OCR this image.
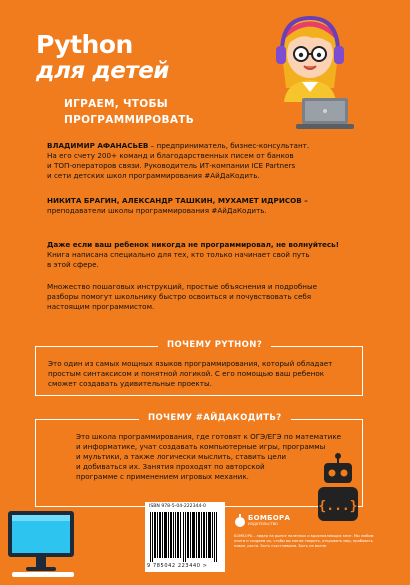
Python
для детей
ИГРАЕМ, ЧТОБЫ
ПРОГРАММИРОВАТЬ
ВЛАДИМИР АФАНАСЬЕВ – предприниматель, бизнес-консультант.
На его счету 200+ команд и благодарственных писем от банков
и ТОП-операторов связи. Руководитель ИТ-компании ICE Partners
и сети детских школ программирования #АйДаКодить.
НИКИТА БРАГИН, АЛЕКСАНДР ТАШКИН, МУХАМЕТ ИДРИСОВ –
преподаватели школы программирования #АйДаКодить.
Даже если ваш ребенок никогда не программировал, не волнуйтесь!
Книга написана специально для тех, кто только начинает свой путь
в этой сфере.
Множество пошаговых инструкций, простые объяснения и подробные
разборы помогут школьнику быстро освоиться и почувствовать себя
настоящим программистом.
ПОЧЕМУ PYTHON?
Это один из самых мощных языков программирования, который обладает
простым синтаксисом и понятной логикой. С его помощью ваш ребенок
сможет создавать удивительные проекты.
ПОЧЕМУ #АЙДАКОДИТЬ?
Это школа программирования, где готовят к ОГЭ/ЕГЭ по математике
и информатике, учат создавать компьютерные игры, программы
и мультики, а также логически мыслить, ставить цели
и добиваться их. Занятия проходят по авторской
программе с применением игровых механик.
{...}
ISBN 978-5-04-222344-0
9 785042 223440 >
БОМБОРА
ИЗДАТЕЛЬСТВО
БОМБОРА – лидер на рынке полезных и вдохновляющих книг. Мы любим книги и создаем их, чтобы вы могли творить, открывать мир, пробовать новое, расти. Быть счастливыми. Быть на волне.
